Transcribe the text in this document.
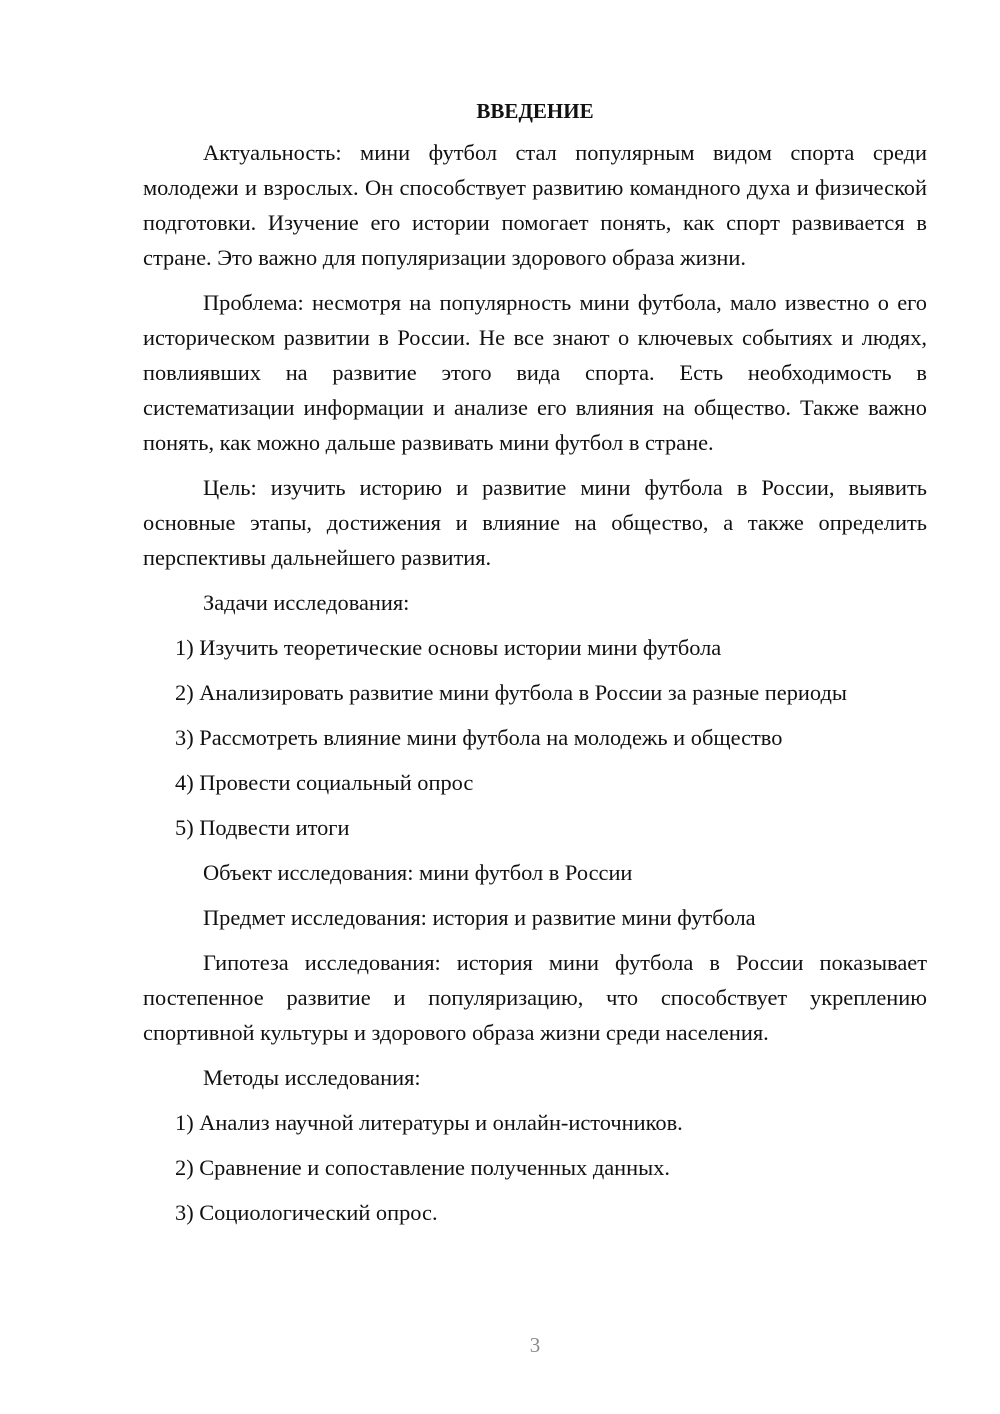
ВВЕДЕНИЕ

Актуальность: мини футбол стал популярным видом спорта среди молодежи и взрослых. Он способствует развитию командного духа и физической подготовки. Изучение его истории помогает понять, как спорт развивается в стране. Это важно для популяризации здорового образа жизни.

Проблема: несмотря на популярность мини футбола, мало известно о его историческом развитии в России. Не все знают о ключевых событиях и людях, повлиявших на развитие этого вида спорта. Есть необходимость в систематизации информации и анализе его влияния на общество. Также важно понять, как можно дальше развивать мини футбол в стране.

Цель: изучить историю и развитие мини футбола в России, выявить основные этапы, достижения и влияние на общество, а также определить перспективы дальнейшего развития.

Задачи исследования:

1) Изучить теоретические основы истории мини футбола
2) Анализировать развитие мини футбола в России за разные периоды
3) Рассмотреть влияние мини футбола на молодежь и общество
4) Провести социальный опрос
5) Подвести итоги

Объект исследования: мини футбол в России

Предмет исследования: история и развитие мини футбола

Гипотеза исследования: история мини футбола в России показывает постепенное развитие и популяризацию, что способствует укреплению спортивной культуры и здорового образа жизни среди населения.

Методы исследования:

1) Анализ научной литературы и онлайн-источников.
2) Сравнение и сопоставление полученных данных.
3) Социологический опрос.
3
